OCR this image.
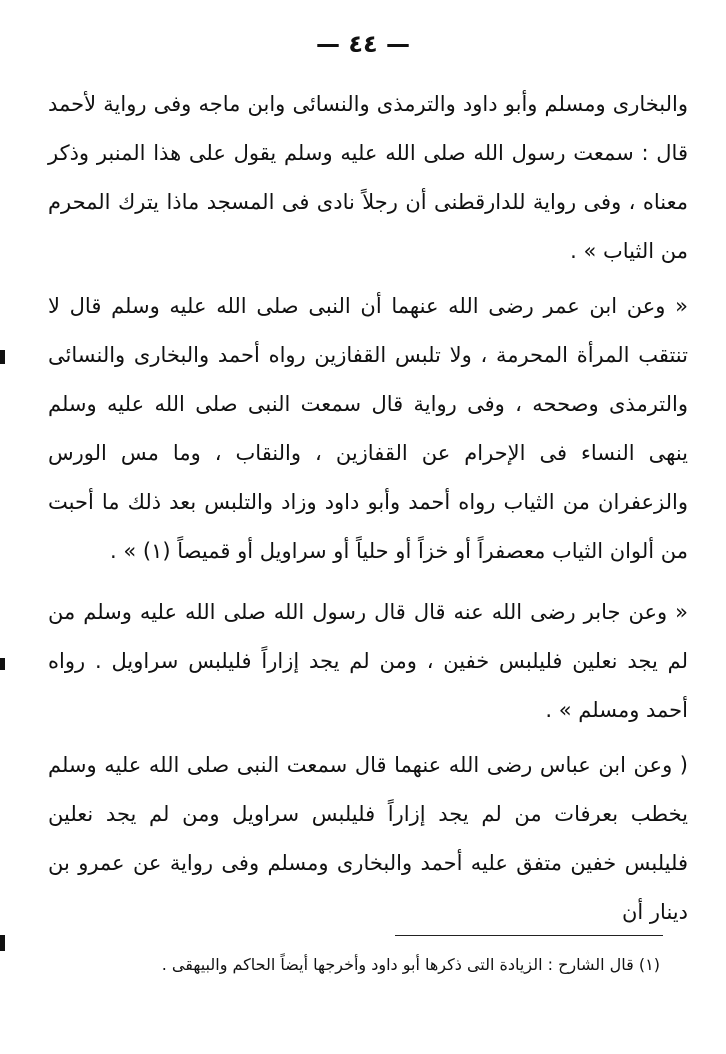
— ٤٤ —

والبخارى ومسلم وأبو داود والترمذى والنسائى وابن ماجه وفى رواية لأحمد قال : سمعت رسول الله صلى الله عليه وسلم يقول على هذا المنبر وذكر معناه ، وفى رواية للدارقطنى أن رجلاً نادى فى المسجد ماذا يترك المحرم من الثياب » .

« وعن ابن عمر رضى الله عنهما أن النبى صلى الله عليه وسلم قال لا تنتقب المرأة المحرمة ، ولا تلبس القفازين رواه أحمد والبخارى والنسائى والترمذى وصححه ، وفى رواية قال سمعت النبى صلى الله عليه وسلم ينهى النساء فى الإحرام عن القفازين ، والنقاب ، وما مس الورس والزعفران من الثياب رواه أحمد وأبو داود وزاد والتلبس بعد ذلك ما أحبت من ألوان الثياب معصفراً أو خزاً أو حلياً أو سراويل أو قميصاً (١) » .

« وعن جابر رضى الله عنه قال قال رسول الله صلى الله عليه وسلم من لم يجد نعلين فليلبس خفين ، ومن لم يجد إزاراً فليلبس سراويل . رواه أحمد ومسلم » .

( وعن ابن عباس رضى الله عنهما قال سمعت النبى صلى الله عليه وسلم يخطب بعرفات من لم يجد إزاراً فليلبس سراويل ومن لم يجد نعلين فليلبس خفين متفق عليه أحمد والبخارى ومسلم وفى رواية عن عمرو بن دينار أن

(١) قال الشارح : الزيادة التى ذكرها أبو داود وأخرجها أيضاً الحاكم والبيهقى .
